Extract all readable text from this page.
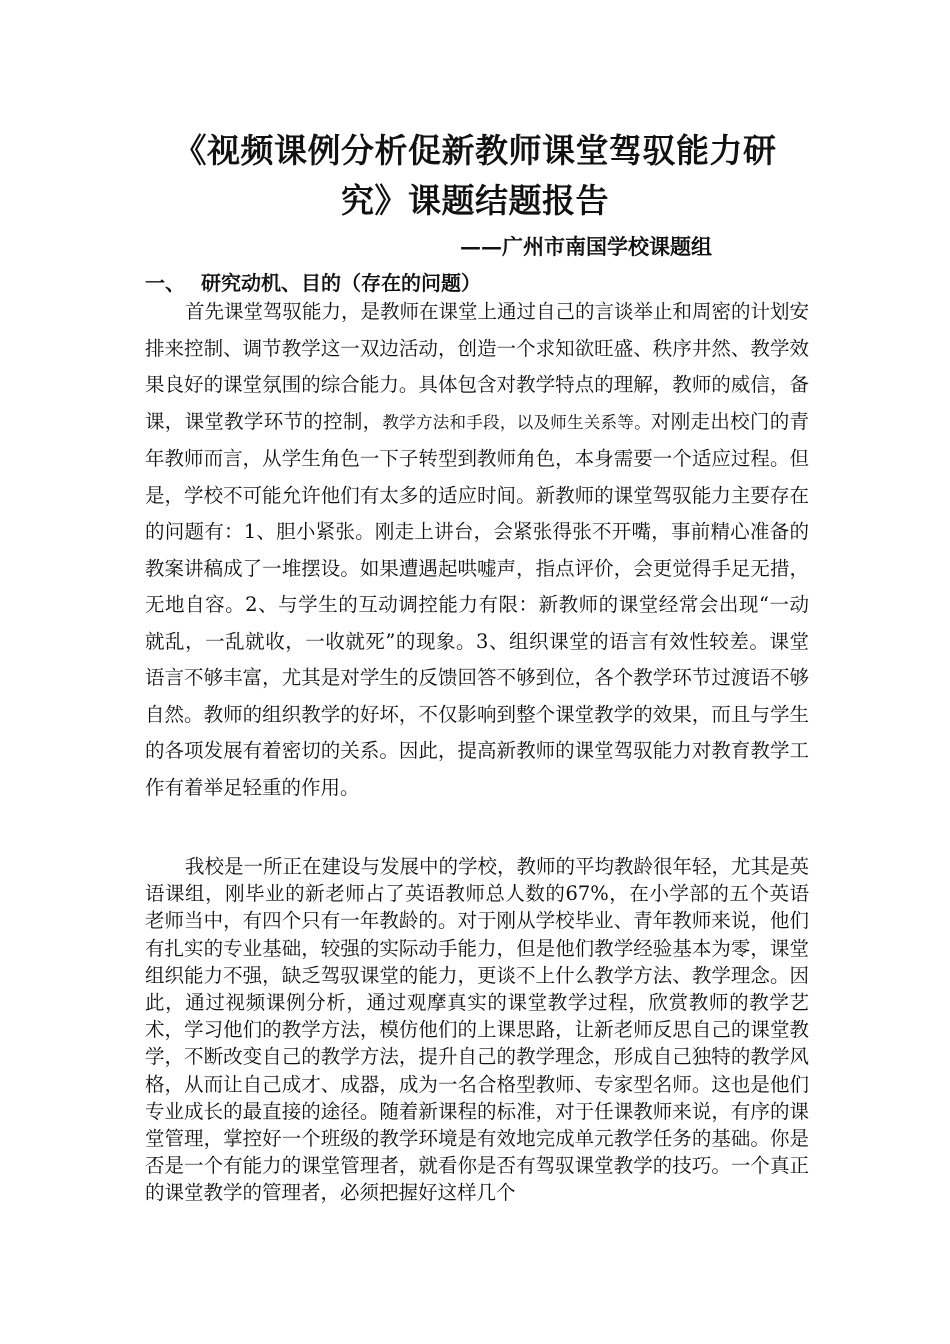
《视频课例分析促新教师课堂驾驭能力研
究》课题结题报告
——广州市南国学校课题组
一、 研究动机、目的（存在的问题）
首先课堂驾驭能力，是教师在课堂上通过自己的言谈举止和周密的计划安排来控制、调节教学这一双边活动，创造一个求知欲旺盛、秩序井然、教学效果良好的课堂氛围的综合能力。具体包含对教学特点的理解，教师的威信，备课，课堂教学环节的控制，教学方法和手段，以及师生关系等。对刚走出校门的青年教师而言，从学生角色一下子转型到教师角色，本身需要一个适应过程。但是，学校不可能允许他们有太多的适应时间。新教师的课堂驾驭能力主要存在的问题有：1、胆小紧张。刚走上讲台，会紧张得张不开嘴，事前精心准备的教案讲稿成了一堆摆设。如果遭遇起哄嘘声，指点评价，会更觉得手足无措，无地自容。2、与学生的互动调控能力有限：新教师的课堂经常会出现“一动就乱，一乱就收，一收就死”的现象。3、组织课堂的语言有效性较差。课堂语言不够丰富，尤其是对学生的反馈回答不够到位，各个教学环节过渡语不够自然。教师的组织教学的好坏，不仅影响到整个课堂教学的效果，而且与学生的各项发展有着密切的关系。因此，提高新教师的课堂驾驭能力对教育教学工作有着举足轻重的作用。
我校是一所正在建设与发展中的学校，教师的平均教龄很年轻，尤其是英语课组，刚毕业的新老师占了英语教师总人数的67%，在小学部的五个英语老师当中，有四个只有一年教龄的。对于刚从学校毕业、青年教师来说，他们有扎实的专业基础，较强的实际动手能力，但是他们教学经验基本为零，课堂组织能力不强，缺乏驾驭课堂的能力，更谈不上什么教学方法、教学理念。因此，通过视频课例分析，通过观摩真实的课堂教学过程，欣赏教师的教学艺术，学习他们的教学方法，模仿他们的上课思路，让新老师反思自己的课堂教学，不断改变自己的教学方法，提升自己的教学理念，形成自己独特的教学风格，从而让自己成才、成器，成为一名合格型教师、专家型名师。这也是他们专业成长的最直接的途径。随着新课程的标准，对于任课教师来说，有序的课堂管理，掌控好一个班级的教学环境是有效地完成单元教学任务的基础。你是否是一个有能力的课堂管理者，就看你是否有驾驭课堂教学的技巧。一个真正的课堂教学的管理者，必须把握好这样几个
